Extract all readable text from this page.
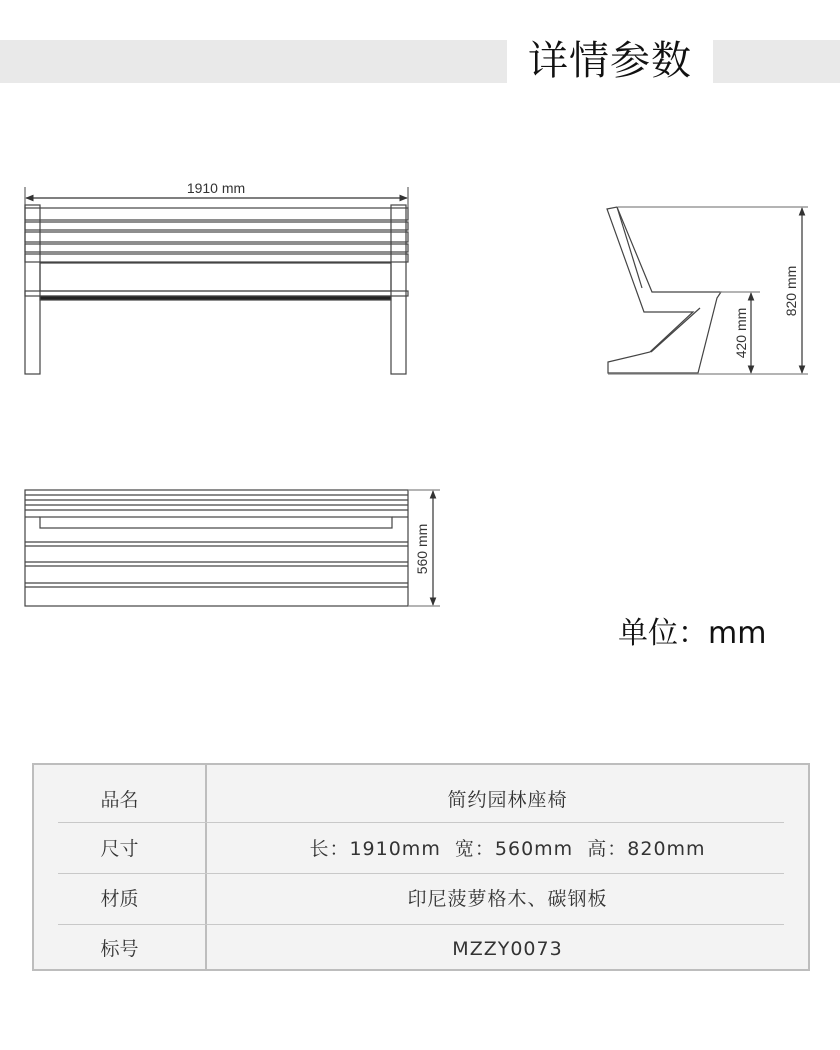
详情参数
1910 mm
820 mm
420 mm
560 mm
单位：mm
品名	简约园林座椅
尺寸	长：1910mm  宽：560mm  高：820mm
材质	印尼菠萝格木、碳钢板
标号	MZZY0073
